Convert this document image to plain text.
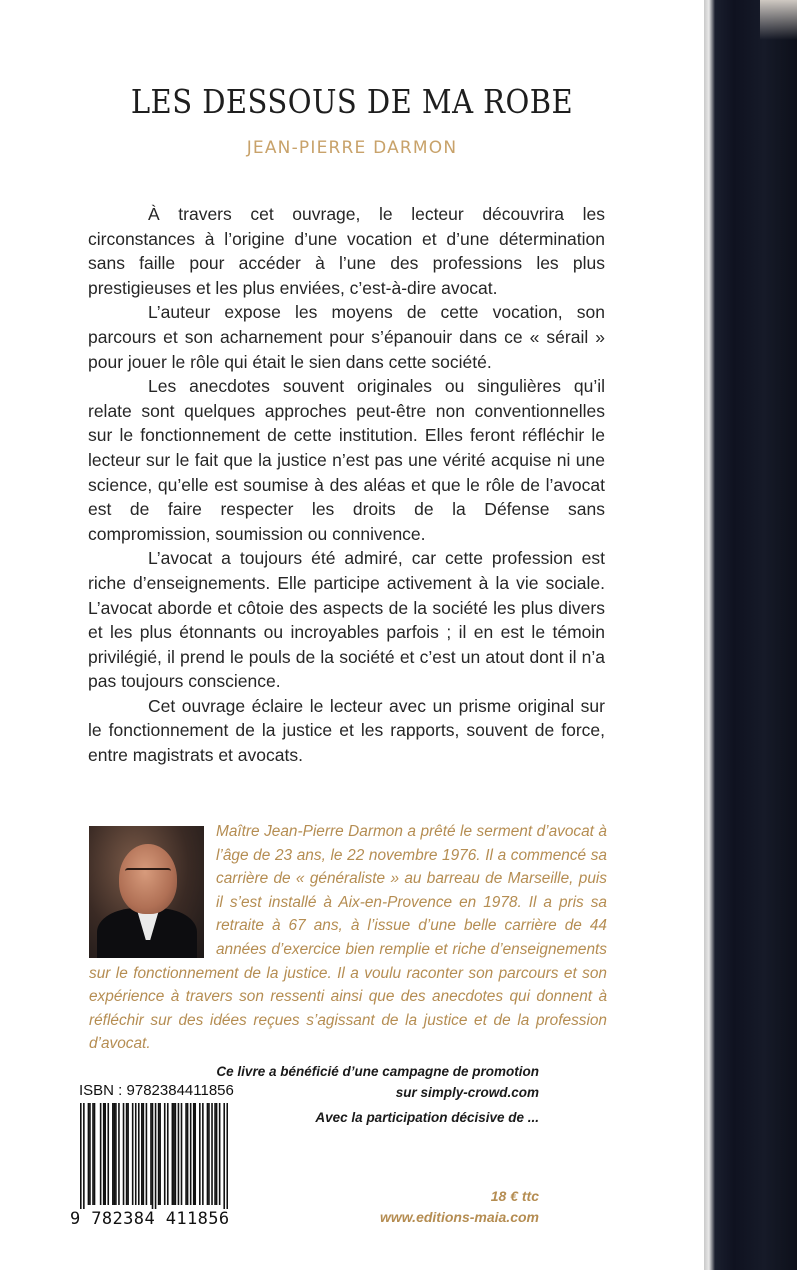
LES DESSOUS DE MA ROBE
JEAN-PIERRE DARMON

À travers cet ouvrage, le lecteur découvrira les circonstances à l’origine d’une vocation et d’une détermination sans faille pour accéder à l’une des professions les plus prestigieuses et les plus enviées, c’est-à-dire avocat.

L’auteur expose les moyens de cette vocation, son parcours et son acharnement pour s’épanouir dans ce « sérail » pour jouer le rôle qui était le sien dans cette société.

Les anecdotes souvent originales ou singulières qu’il relate sont quelques approches peut-être non conventionnelles sur le fonctionnement de cette institution. Elles feront réfléchir le lecteur sur le fait que la justice n’est pas une vérité acquise ni une science, qu’elle est soumise à des aléas et que le rôle de l’avocat est de faire respecter les droits de la Défense sans compromission, soumission ou connivence.

L’avocat a toujours été admiré, car cette profession est riche d’enseignements. Elle participe activement à la vie sociale. L’avocat aborde et côtoie des aspects de la société les plus divers et les plus étonnants ou incroyables parfois ; il en est le témoin privilégié, il prend le pouls de la société et c’est un atout dont il n’a pas toujours conscience.

Cet ouvrage éclaire le lecteur avec un prisme original sur le fonctionnement de la justice et les rapports, souvent de force, entre magistrats et avocats.

Maître Jean-Pierre Darmon a prêté le serment d’avocat à l’âge de 23 ans, le 22 novembre 1976. Il a commencé sa carrière de « généraliste » au barreau de Marseille, puis il s’est installé à Aix-en-Provence en 1978. Il a pris sa retraite à 67 ans, à l’issue d’une belle carrière de 44 années d’exercice bien remplie et riche d’enseignements sur le fonctionnement de la justice. Il a voulu raconter son parcours et son expérience à travers son ressenti ainsi que des anecdotes qui donnent à réfléchir sur des idées reçues s’agissant de la justice et de la profession d’avocat.

ISBN : 9782384411856
9 782384 411856
Ce livre a bénéficié d’une campagne de promotion
sur simply-crowd.com
Avec la participation décisive de ...
18 € ttc
www.editions-maia.com
